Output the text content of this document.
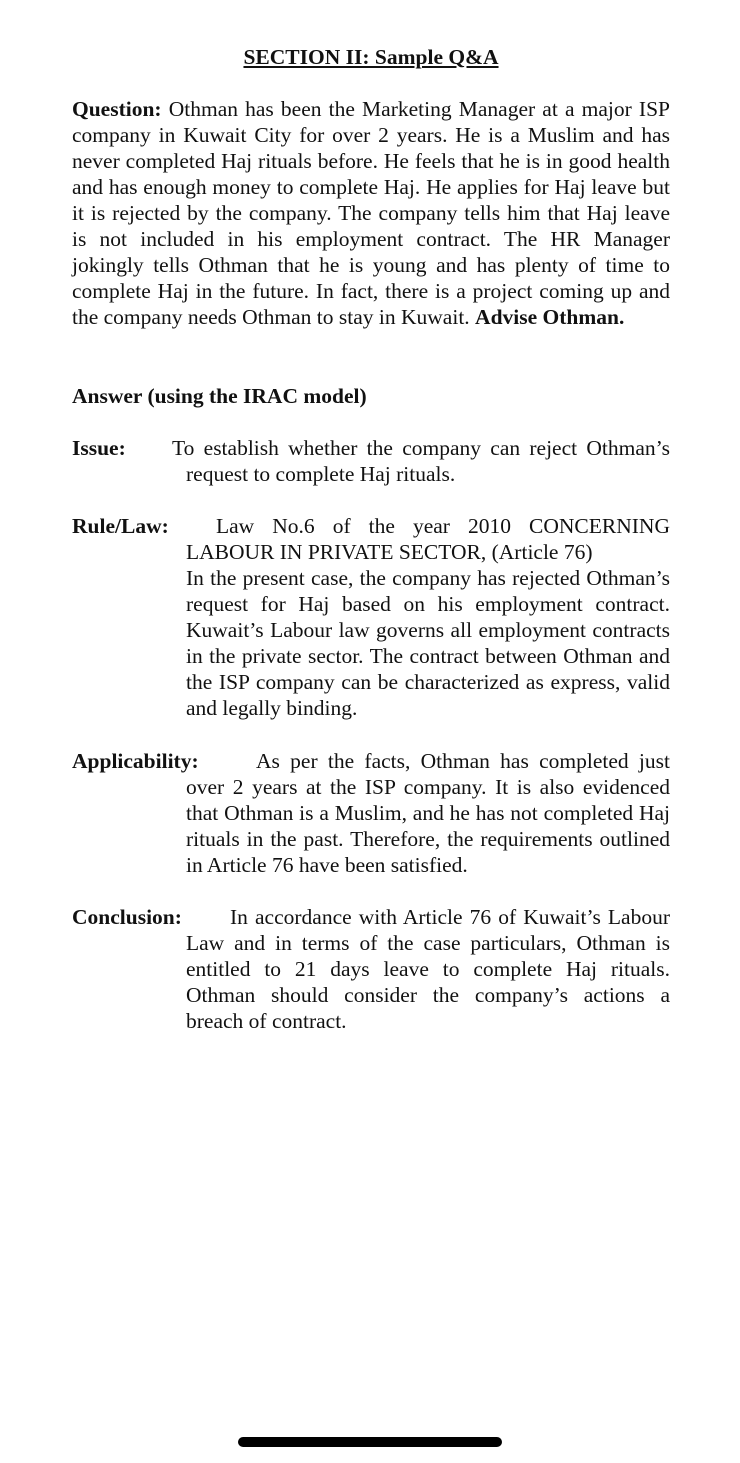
SECTION II: Sample Q&A
Question: Othman has been the Marketing Manager at a major ISP company in Kuwait City for over 2 years. He is a Muslim and has never completed Haj rituals before. He feels that he is in good health and has enough money to complete Haj. He applies for Haj leave but it is rejected by the company. The company tells him that Haj leave is not included in his employment contract. The HR Manager jokingly tells Othman that he is young and has plenty of time to complete Haj in the future. In fact, there is a project coming up and the company needs Othman to stay in Kuwait. Advise Othman.
Answer (using the IRAC model)
Issue: To establish whether the company can reject Othman’s request to complete Haj rituals.
Rule/Law: Law No.6 of the year 2010 CONCERNING LABOUR IN PRIVATE SECTOR, (Article 76)
In the present case, the company has rejected Othman’s request for Haj based on his employment contract. Kuwait’s Labour law governs all employment contracts in the private sector. The contract between Othman and the ISP company can be characterized as express, valid and legally binding.
Applicability:	As per the facts, Othman has completed just over 2 years at the ISP company. It is also evidenced that Othman is a Muslim, and he has not completed Haj rituals in the past. Therefore, the requirements outlined in Article 76 have been satisfied.
Conclusion: In accordance with Article 76 of Kuwait’s Labour Law and in terms of the case particulars, Othman is entitled to 21 days leave to complete Haj rituals. Othman should consider the company’s actions a breach of contract.
